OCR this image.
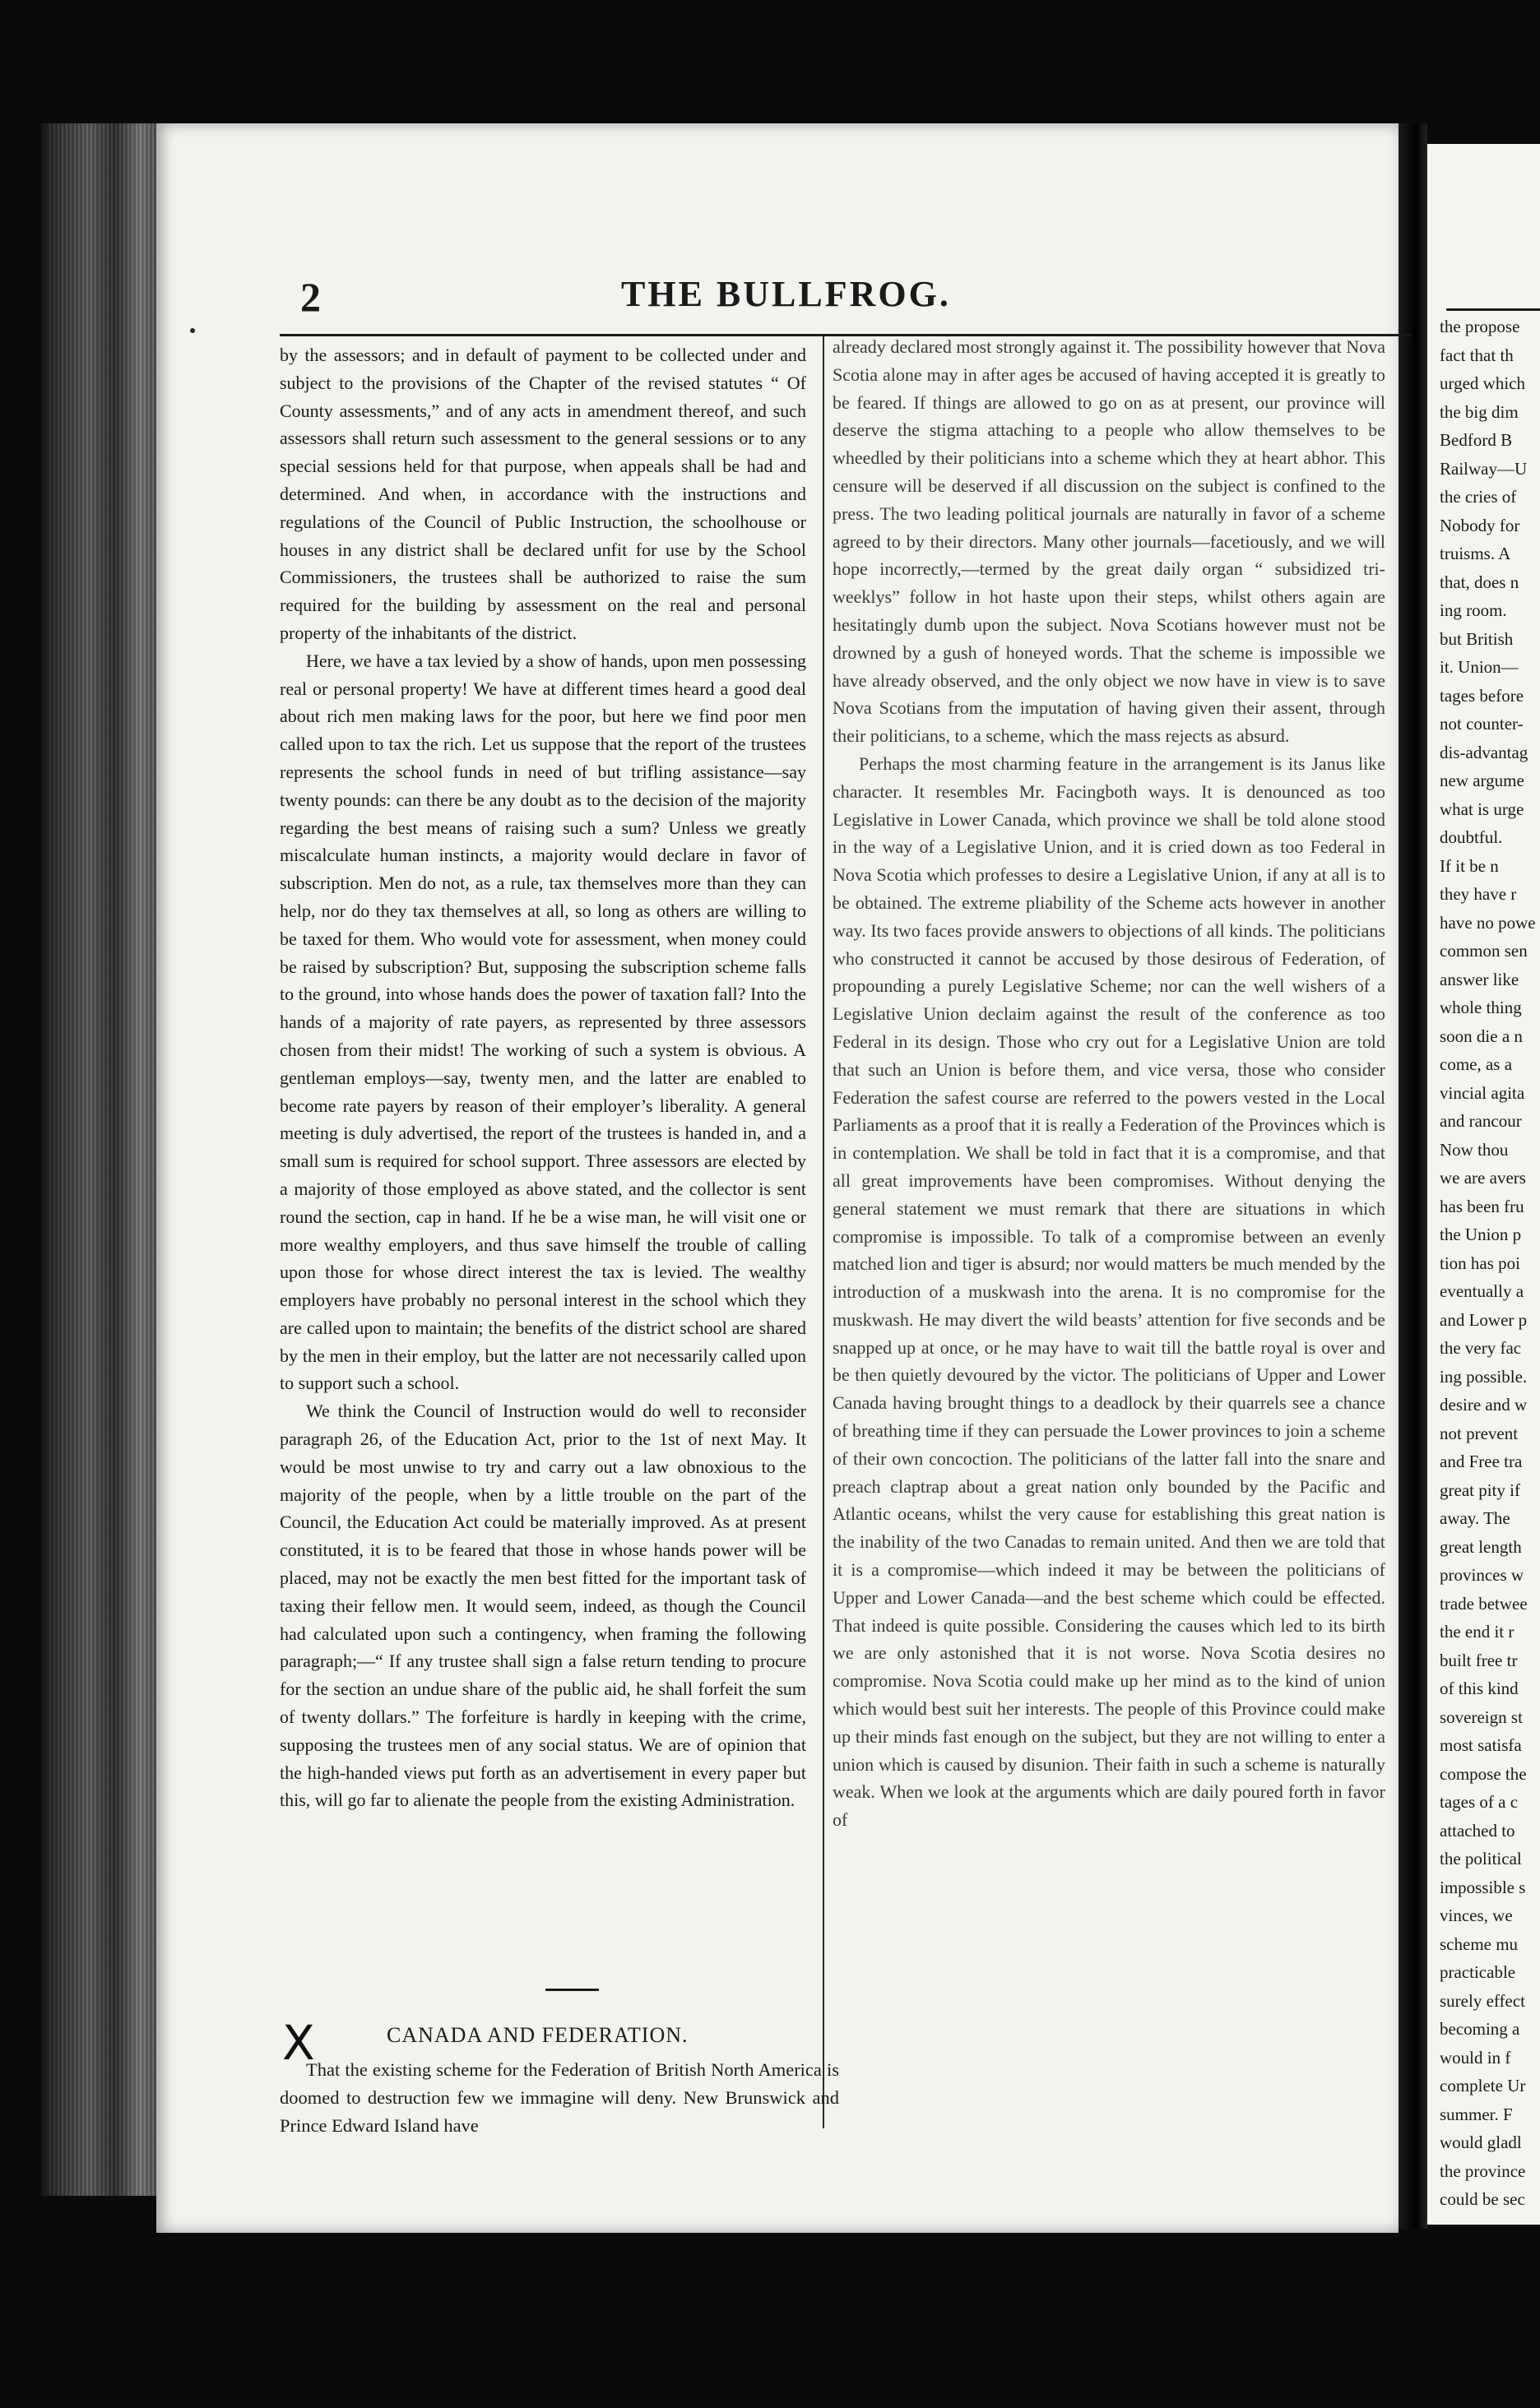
2	THE BULLFROG.

by the assessors; and in default of payment to be collected under and subject to the provisions of the Chapter of the revised statutes “ Of County assessments,” and of any acts in amendment thereof, and such assessors shall return such assessment to the general sessions or to any special sessions held for that purpose, when appeals shall be had and determined. And when, in accordance with the instructions and regulations of the Council of Public Instruction, the schoolhouse or houses in any district shall be declared unfit for use by the School Commissioners, the trustees shall be authorized to raise the sum required for the building by assessment on the real and personal property of the inhabitants of the district.

Here, we have a tax levied by a show of hands, upon men possessing real or personal property! We have at different times heard a good deal about rich men making laws for the poor, but here we find poor men called upon to tax the rich. Let us suppose that the report of the trustees represents the school funds in need of but trifling assistance—say twenty pounds: can there be any doubt as to the decision of the majority regarding the best means of raising such a sum? Unless we greatly miscalculate human instincts, a majority would declare in favor of subscription. Men do not, as a rule, tax themselves more than they can help, nor do they tax themselves at all, so long as others are willing to be taxed for them. Who would vote for assessment, when money could be raised by subscription? But, supposing the subscription scheme falls to the ground, into whose hands does the power of taxation fall? Into the hands of a majority of rate payers, as represented by three assessors chosen from their midst! The working of such a system is obvious. A gentleman employs—say, twenty men, and the latter are enabled to become rate payers by reason of their employer’s liberality. A general meeting is duly advertised, the report of the trustees is handed in, and a small sum is required for school support. Three assessors are elected by a majority of those employed as above stated, and the collector is sent round the section, cap in hand. If he be a wise man, he will visit one or more wealthy employers, and thus save himself the trouble of calling upon those for whose direct interest the tax is levied. The wealthy employers have probably no personal interest in the school which they are called upon to maintain; the benefits of the district school are shared by the men in their employ, but the latter are not necessarily called upon to support such a school.

We think the Council of Instruction would do well to reconsider paragraph 26, of the Education Act, prior to the 1st of next May. It would be most unwise to try and carry out a law obnoxious to the majority of the people, when by a little trouble on the part of the Council, the Education Act could be materially improved. As at present constituted, it is to be feared that those in whose hands power will be placed, may not be exactly the men best fitted for the important task of taxing their fellow men. It would seem, indeed, as though the Council had calculated upon such a contingency, when framing the following paragraph;—“ If any trustee shall sign a false return tending to procure for the section an undue share of the public aid, he shall forfeit the sum of twenty dollars.” The forfeiture is hardly in keeping with the crime, supposing the trustees men of any social status. We are of opinion that the high-handed views put forth as an advertisement in every paper but this, will go far to alienate the people from the existing Administration.

X	CANADA AND FEDERATION.

That the existing scheme for the Federation of British North America is doomed to destruction few we immagine will deny. New Brunswick and Prince Edward Island have

already declared most strongly against it. The possibility however that Nova Scotia alone may in after ages be accused of having accepted it is greatly to be feared. If things are allowed to go on as at present, our province will deserve the stigma attaching to a people who allow themselves to be wheedled by their politicians into a scheme which they at heart abhor. This censure will be deserved if all discussion on the subject is confined to the press. The two leading political journals are naturally in favor of a scheme agreed to by their directors. Many other journals—facetiously, and we will hope incorrectly,—termed by the great daily organ “ subsidized tri-weeklys” follow in hot haste upon their steps, whilst others again are hesitatingly dumb upon the subject. Nova Scotians however must not be drowned by a gush of honeyed words. That the scheme is impossible we have already observed, and the only object we now have in view is to save Nova Scotians from the imputation of having given their assent, through their politicians, to a scheme, which the mass rejects as absurd.

Perhaps the most charming feature in the arrangement is its Janus like character. It resembles Mr. Facingboth ways. It is denounced as too Legislative in Lower Canada, which province we shall be told alone stood in the way of a Legislative Union, and it is cried down as too Federal in Nova Scotia which professes to desire a Legislative Union, if any at all is to be obtained. The extreme pliability of the Scheme acts however in another way. Its two faces provide answers to objections of all kinds. The politicians who constructed it cannot be accused by those desirous of Federation, of propounding a purely Legislative Scheme; nor can the well wishers of a Legislative Union declaim against the result of the conference as too Federal in its design. Those who cry out for a Legislative Union are told that such an Union is before them, and vice versa, those who consider Federation the safest course are referred to the powers vested in the Local Parliaments as a proof that it is really a Federation of the Provinces which is in contemplation. We shall be told in fact that it is a compromise, and that all great improvements have been compromises. Without denying the general statement we must remark that there are situations in which compromise is impossible. To talk of a compromise between an evenly matched lion and tiger is absurd; nor would matters be much mended by the introduction of a muskwash into the arena. It is no compromise for the muskwash. He may divert the wild beasts’ attention for five seconds and be snapped up at once, or he may have to wait till the battle royal is over and be then quietly devoured by the victor. The politicians of Upper and Lower Canada having brought things to a deadlock by their quarrels see a chance of breathing time if they can persuade the Lower provinces to join a scheme of their own concoction. The politicians of the latter fall into the snare and preach claptrap about a great nation only bounded by the Pacific and Atlantic oceans, whilst the very cause for establishing this great nation is the inability of the two Canadas to remain united. And then we are told that it is a compromise—which indeed it may be between the politicians of Upper and Lower Canada—and the best scheme which could be effected. That indeed is quite possible. Considering the causes which led to its birth we are only astonished that it is not worse. Nova Scotia desires no compromise. Nova Scotia could make up her mind as to the kind of union which would best suit her interests. The people of this Province could make up their minds fast enough on the subject, but they are not willing to enter a union which is caused by disunion. Their faith in such a scheme is naturally weak. When we look at the arguments which are daily poured forth in favor of

the propose
fact that th
urged which
the big dim
Bedford B
Railway—U
the cries of
Nobody for
truisms. A
that, does n
ing room.
but British
it. Union—
tages before
not counter-
dis-advantag
new argume
what is urge
doubtful.
If it be n
they have r
have no powe
common sen
answer like
whole thing
soon die a n
come, as a
vincial agita
and rancour
Now thou
we are avers
has been fru
the Union p
tion has poi
eventually a
and Lower p
the very fac
ing possible.
desire and w
not prevent
and Free tra
great pity if
away. The
great length
provinces w
trade betwee
the end it r
built free tr
of this kind
sovereign st
most satisfa
compose the
tages of a c
attached to
the political
impossible s
vinces, we
scheme mu
practicable
surely effect
becoming a
would in f
complete Ur
summer. F
would gladl
the province
could be sec
